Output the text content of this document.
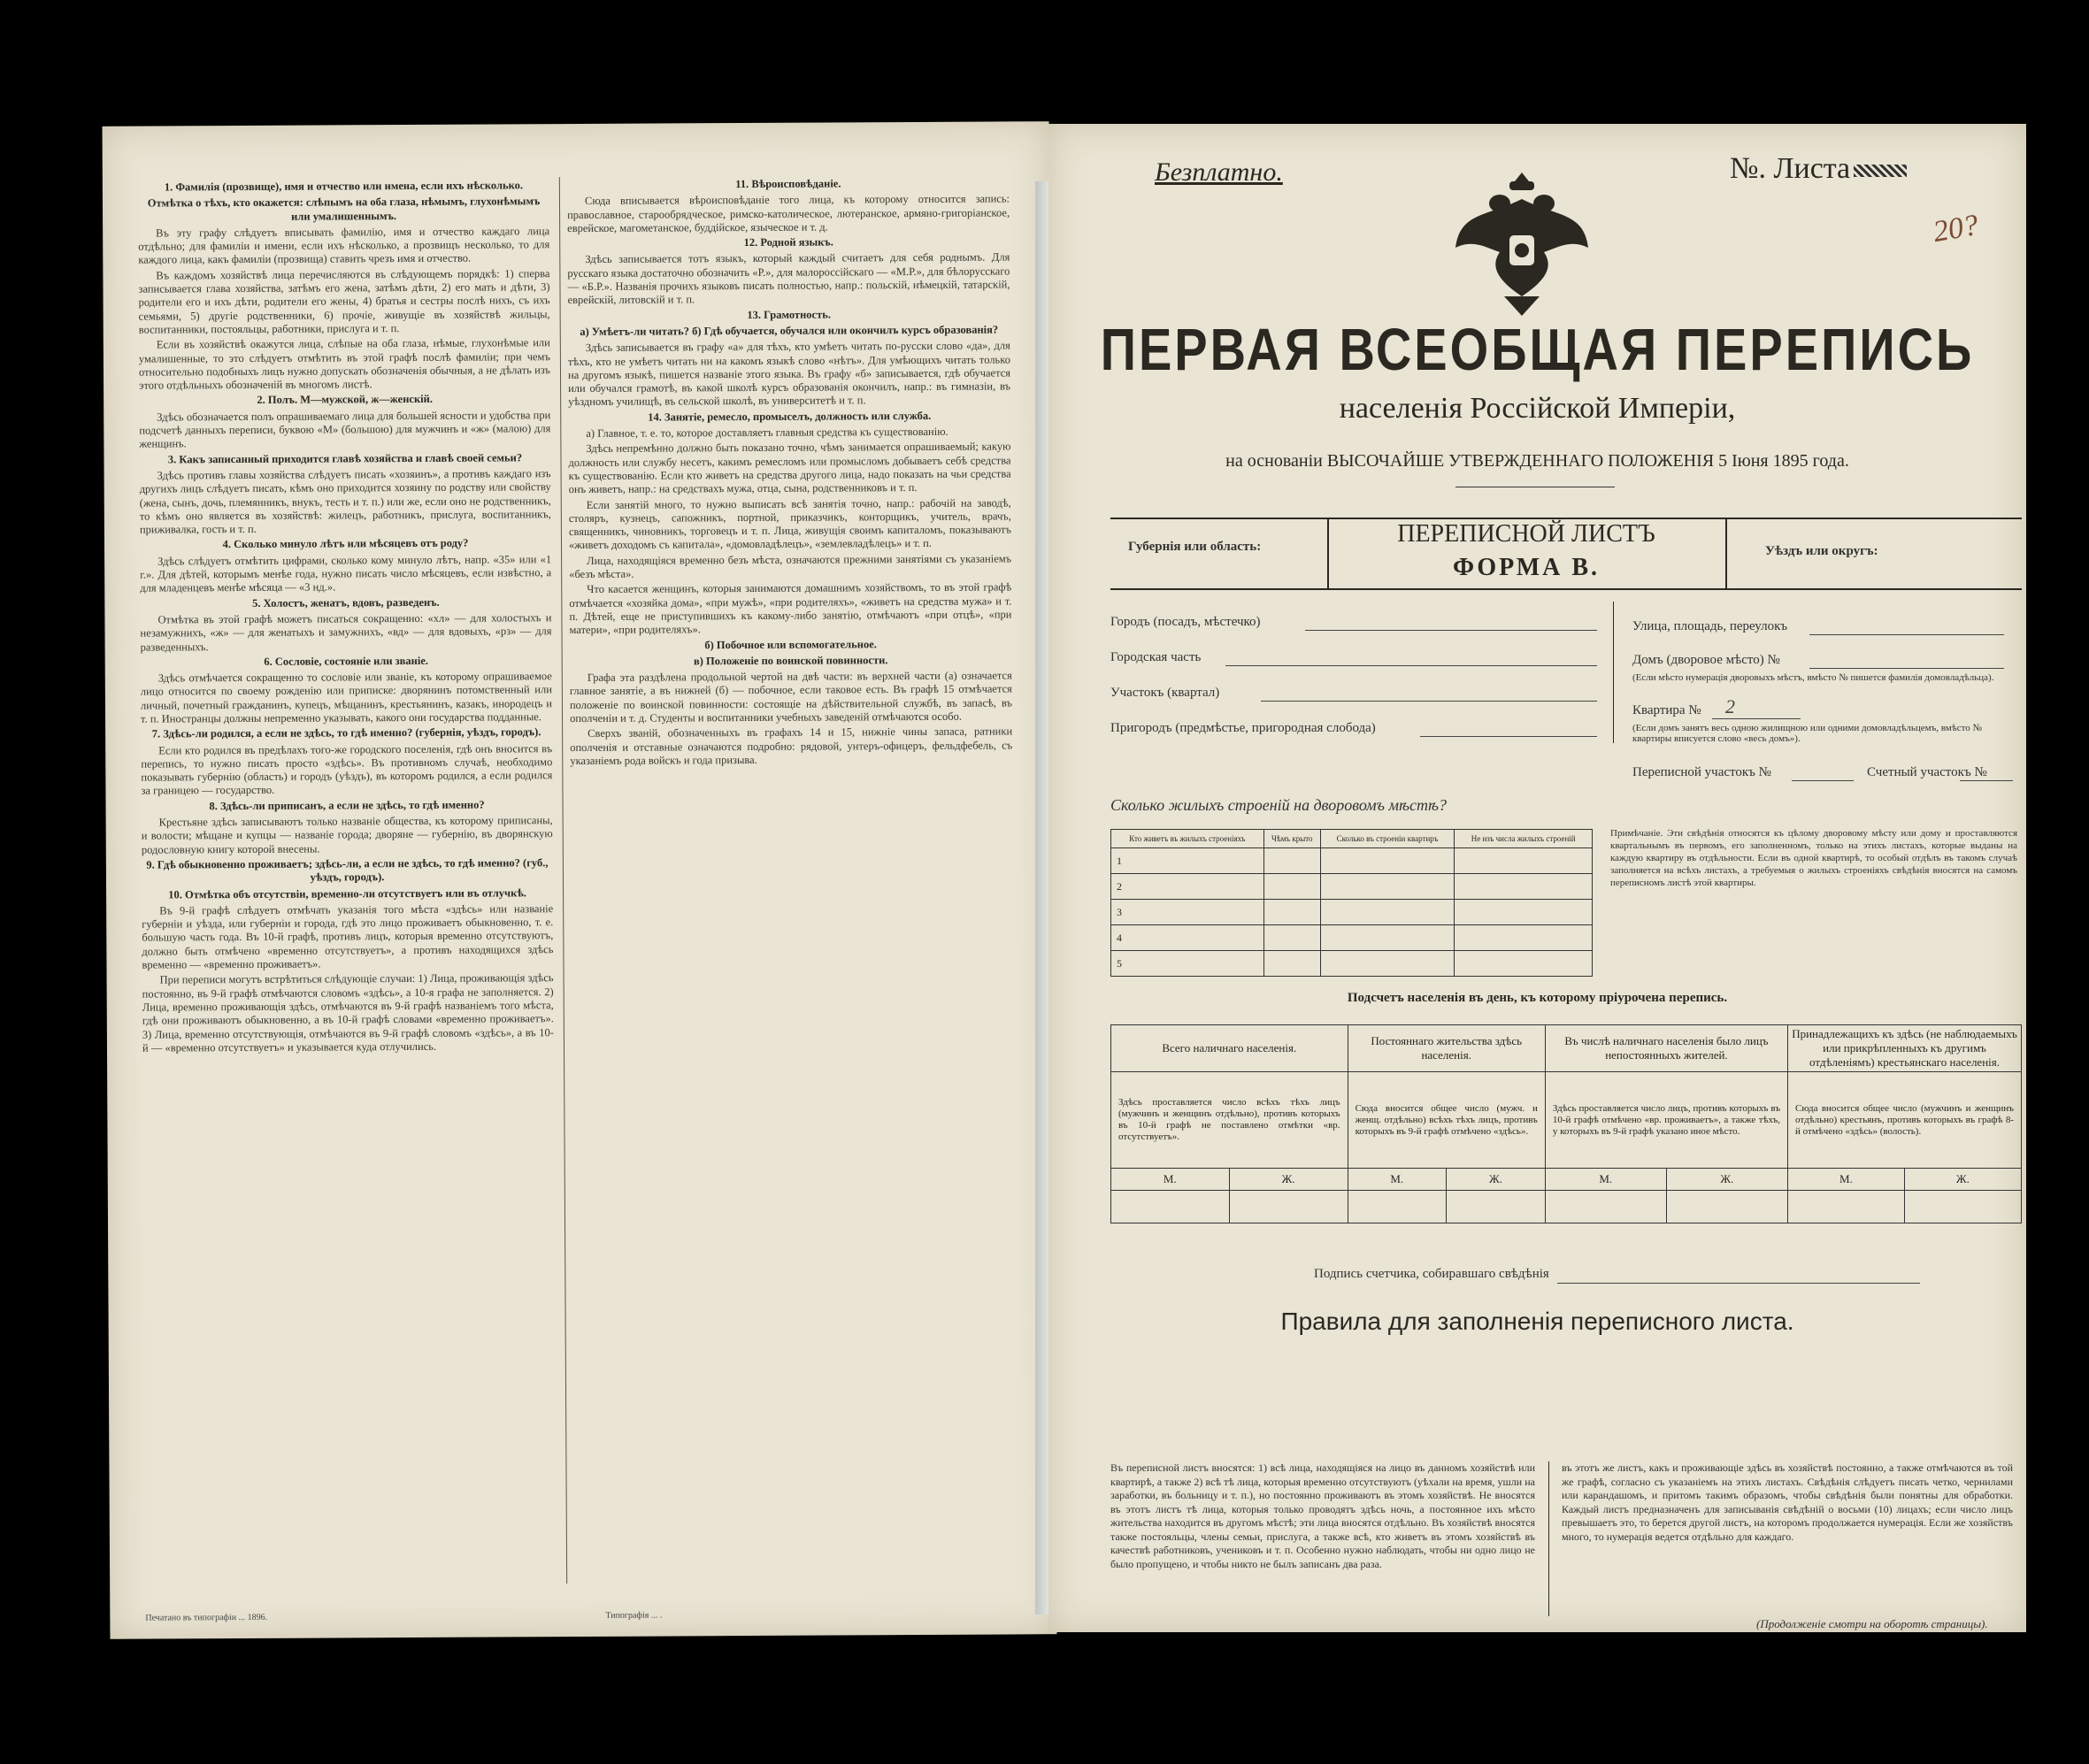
1. Фамилія (прозвище), имя и отчество или имена, если ихъ нѣсколько.
Отмѣтка о тѣхъ, кто окажется: слѣпымъ на оба глаза, нѣмымъ, глухонѣмымъ или умалишеннымъ.
Въ эту графу слѣдуетъ вписывать фамилію, имя и отчество каждаго лица отдѣльно; для фамиліи и имени, если ихъ нѣсколько, а прозвищъ несколько, то для каждого лица, какъ фамиліи (прозвища) ставить чрезъ имя и отчество.
Въ каждомъ хозяйствѣ лица перечисляются въ слѣдующемъ порядкѣ: 1) сперва записывается глава хозяйства, затѣмъ его жена, затѣмъ дѣти, 2) его мать и дѣти, 3) родители его и ихъ дѣти, родители его жены, 4) братья и сестры послѣ нихъ, съ ихъ семьями, 5) другіе родственники, 6) прочіе, живущіе въ хозяйствѣ жильцы, воспитанники, постояльцы, работники, прислуга и т. п.
Если въ хозяйствѣ окажутся лица, слѣпые на оба глаза, нѣмые, глухонѣмые или умалишенные, то это слѣдуетъ отмѣтить въ этой графѣ послѣ фамиліи; при чемъ относительно подобныхъ лицъ нужно допускать обозначенія обычныя, а не дѣлать изъ этого отдѣльныхъ обозначеній въ многомъ листѣ.
2. Полъ. М—мужской, ж—женскій.
Здѣсь обозначается полъ опрашиваемаго лица для большей ясности и удобства при подсчетѣ данныхъ переписи, буквою «М» (большою) для мужчинъ и «ж» (малою) для женщинъ.
3. Какъ записанный приходится главѣ хозяйства и главѣ своей семьи?
Здѣсь противъ главы хозяйства слѣдуетъ писать «хозяинъ», а противъ каждаго изъ другихъ лицъ слѣдуетъ писать, кѣмъ оно приходится хозяину по родству или свойству (жена, сынъ, дочь, племянникъ, внукъ, тесть и т. п.) или же, если оно не родственникъ, то кѣмъ оно является въ хозяйствѣ: жилецъ, работникъ, прислуга, воспитанникъ, приживалка, гость и т. п.
4. Сколько минуло лѣтъ или мѣсяцевъ отъ роду?
Здѣсь слѣдуетъ отмѣтить цифрами, сколько кому минуло лѣтъ, напр. «35» или «1 г.». Для дѣтей, которымъ менѣе года, нужно писать число мѣсяцевъ, если извѣстно, а для младенцевъ менѣе мѣсяца — «3 нд.».
5. Холостъ, женатъ, вдовъ, разведенъ.
Отмѣтка въ этой графѣ можетъ писаться сокращенно: «хл» — для холостыхъ и незамужнихъ, «ж» — для женатыхъ и замужнихъ, «вд» — для вдовыхъ, «рз» — для разведенныхъ.
6. Сословіе, состояніе или званіе.
Здѣсь отмѣчается сокращенно то сословіе или званіе, къ которому опрашиваемое лицо относится по своему рожденію или приписке: дворянинъ потомственный или личный, почетный гражданинъ, купецъ, мѣщанинъ, крестьянинъ, казакъ, инородецъ и т. п. Иностранцы должны непременно указывать, какого они государства подданные.
7. Здѣсь-ли родился, а если не здѣсь, то гдѣ именно? (губернія, уѣздъ, городъ).
Если кто родился въ предѣлахъ того-же городского поселенія, гдѣ онъ вносится въ перепись, то нужно писать просто «здѣсь». Въ противномъ случаѣ, необходимо показывать губернію (область) и городъ (уѣздъ), въ которомъ родился, а если родился за границею — государство.
8. Здѣсь-ли приписанъ, а если не здѣсь, то гдѣ именно?
Крестьяне здѣсь записываютъ только названіе общества, къ которому приписаны, и волости; мѣщане и купцы — названіе города; дворяне — губернію, въ дворянскую родословную книгу которой внесены.
9. Гдѣ обыкновенно проживаетъ; здѣсь-ли, а если не здѣсь, то гдѣ именно? (губ., уѣздъ, городъ).
10. Отмѣтка объ отсутствіи, временно-ли отсутствуетъ или въ отлучкѣ.
Въ 9-й графѣ слѣдуетъ отмѣчать указанія того мѣста «здѣсь» или названіе губерніи и уѣзда, или губерніи и города, гдѣ это лицо проживаетъ обыкновенно, т. е. большую часть года. Въ 10-й графѣ, противъ лицъ, которыя временно отсутствуютъ, должно быть отмѣчено «временно отсутствуетъ», а противъ находящихся здѣсь временно — «временно проживаетъ».
При переписи могутъ встрѣтиться слѣдующіе случаи: 1) Лица, проживающія здѣсь постоянно, въ 9-й графѣ отмѣчаются словомъ «здѣсь», а 10-я графа не заполняется. 2) Лица, временно проживающія здѣсь, отмѣчаются въ 9-й графѣ названіемъ того мѣста, гдѣ они проживаютъ обыкновенно, а въ 10-й графѣ словами «временно проживаетъ». 3) Лица, временно отсутствующія, отмѣчаются въ 9-й графѣ словомъ «здѣсь», а въ 10-й — «временно отсутствуетъ» и указывается куда отлучились.
11. Вѣроисповѣданіе.
Сюда вписывается вѣроисповѣданіе того лица, къ которому относится запись: православное, старообрядческое, римско-католическое, лютеранское, армяно-григоріанское, еврейское, магометанское, буддійское, языческое и т. д.
12. Родной языкъ.
Здѣсь записывается тотъ языкъ, который каждый считаетъ для себя роднымъ. Для русскаго языка достаточно обозначить «Р.», для малороссійскаго — «М.Р.», для бѣлорусскаго — «Б.Р.». Названія прочихъ языковъ писать полностью, напр.: польскій, нѣмецкій, татарскій, еврейскій, литовскій и т. п.
13. Грамотность.
а) Умѣетъ-ли читать? б) Гдѣ обучается, обучался или окончилъ курсъ образованія?
Здѣсь записывается въ графу «а» для тѣхъ, кто умѣетъ читать по-русски слово «да», для тѣхъ, кто не умѣетъ читать ни на какомъ языкѣ слово «нѣтъ». Для умѣющихъ читать только на другомъ языкѣ, пишется названіе этого языка. Въ графу «б» записывается, гдѣ обучается или обучался грамотѣ, въ какой школѣ курсъ образованія окончилъ, напр.: въ гимназіи, въ уѣздномъ училищѣ, въ сельской школѣ, въ университетѣ и т. п.
14. Занятіе, ремесло, промыселъ, должность или служба.
а) Главное, т. е. то, которое доставляетъ главныя средства къ существованію.
Здѣсь непремѣнно должно быть показано точно, чѣмъ занимается опрашиваемый; какую должность или службу несетъ, какимъ ремесломъ или промысломъ добываетъ себѣ средства къ существованію. Если кто живетъ на средства другого лица, надо показать на чьи средства онъ живетъ, напр.: на средствахъ мужа, отца, сына, родственниковъ и т. п.
Если занятій много, то нужно выписать всѣ занятія точно, напр.: рабочій на заводѣ, столяръ, кузнецъ, сапожникъ, портной, приказчикъ, конторщикъ, учитель, врачъ, священникъ, чиновникъ, торговецъ и т. п. Лица, живущія своимъ капиталомъ, показываютъ «живетъ доходомъ съ капитала», «домовладѣлецъ», «землевладѣлецъ» и т. п.
Лица, находящіяся временно безъ мѣста, означаются прежними занятіями съ указаніемъ «безъ мѣста».
Что касается женщинъ, которыя занимаются домашнимъ хозяйствомъ, то въ этой графѣ отмѣчается «хозяйка дома», «при мужѣ», «при родителяхъ», «живетъ на средства мужа» и т. п. Дѣтей, еще не приступившихъ къ какому-либо занятію, отмѣчаютъ «при отцѣ», «при матери», «при родителяхъ».
б) Побочное или вспомогательное.
в) Положеніе по воинской повинности.
Графа эта раздѣлена продольной чертой на двѣ части: въ верхней части (а) означается главное занятіе, а въ нижней (б) — побочное, если таковое есть. Въ графѣ 15 отмѣчается положеніе по воинской повинности: состоящіе на дѣйствительной службѣ, въ запасѣ, въ ополченіи и т. д. Студенты и воспитанники учебныхъ заведеній отмѣчаются особо.
Сверхъ званій, обозначенныхъ въ графахъ 14 и 15, нижніе чины запаса, ратники ополченія и отставные означаются подробно: рядовой, унтеръ-офицеръ, фельдфебель, съ указаніемъ рода войскъ и года призыва.
Печатано въ типографіи ... 1896.	Типографія ... .
Безплатно.	№. Листа
20?
ПЕРВАЯ ВСЕОБЩАЯ ПЕРЕПИСЬ
населенія Россійской Имперіи,
на основаніи ВЫСОЧАЙШЕ УТВЕРЖДЕННАГО ПОЛОЖЕНІЯ 5 Іюня 1895 года.
Губернія или область:	ПЕРЕПИСНОЙ ЛИСТЪ
ФОРМА В.
Уѣздъ или округъ:
Городъ (посадъ, мѣстечко)
Городская часть
Участокъ (квартал)
Пригородъ (предмѣстье, пригородная слобода)
Улица, площадь, переулокъ
Домъ (дворовое мѣсто) №
(Если мѣсто нумерація дворовыхъ мѣстъ, вмѣсто № пишется фамилія домовладѣльца).
Квартира № 2
(Если домъ занятъ весь одною жилищною или одними домовладѣльцемъ, вмѣсто № квартиры вписуется слово «весь домъ»).
Переписной участокъ №	Счетный участокъ №
Сколько жилыхъ строеній на дворовомъ мѣстѣ?
Кто живетъ въ жилыхъ строеніяхъ	Чѣмъ крыто	Сколько въ строеніи квартиръ	Не изъ числа жилыхъ строеній
1			
2			
3			
4			
5			
Примѣчаніе. Эти свѣдѣнія относятся къ цѣлому дворовому мѣсту или дому и проставляются квартальнымъ въ первомъ, его заполненномъ, только на этихъ листахъ, которые выданы на каждую квартиру въ отдѣльности. Если въ одной квартирѣ, то особый отдѣлъ въ такомъ случаѣ заполняется на всѣхъ листахъ, а требуемыя о жилыхъ строеніяхъ свѣдѣнія вносятся на самомъ переписномъ листѣ этой квартиры.
Подсчетъ населенія въ день, къ которому пріурочена перепись.
Всего наличнаго населенія.		Постояннаго жительства здѣсь населенія.		Въ числѣ наличнаго населенія было лицъ непостоянныхъ жителей.		Принадлежащихъ къ здѣсь (не наблюдаемыхъ или прикрѣпленныхъ къ другимъ отдѣленіямъ) крестьянскаго населенія.	
Здѣсь проставляется число всѣхъ тѣхъ лицъ (мужчинъ и женщинъ отдѣльно), противъ которыхъ въ 10-й графѣ не поставлено отмѣтки «вр. отсутствуетъ».		Сюда вносится общее число (мужч. и женщ. отдѣльно) всѣхъ тѣхъ лицъ, противъ которыхъ въ 9-й графѣ отмѣчено «здѣсь».		Здѣсь проставляется число лицъ, противъ которыхъ въ 10-й графѣ отмѣчено «вр. проживаетъ», а также тѣхъ, у которыхъ въ 9-й графѣ указано иное мѣсто.		Сюда вносится общее число (мужчинъ и женщинъ отдѣльно) крестьянъ, противъ которыхъ въ графѣ 8-й отмѣчено «здѣсь» (волость).	
М.	Ж.	М.	Ж.	М.	Ж.	М.	Ж.

Подпись счетчика, собиравшаго свѣдѣнія
Правила для заполненія переписного листа.
Въ переписной листъ вносятся: 1) всѣ лица, находящіяся на лицо въ данномъ хозяйствѣ или квартирѣ, а также 2) всѣ тѣ лица, которыя временно отсутствуютъ (уѣхали на время, ушли на заработки, въ больницу и т. п.), но постоянно проживаютъ въ этомъ хозяйствѣ. Не вносятся въ этотъ листъ тѣ лица, которыя только проводятъ здѣсь ночь, а постоянное ихъ мѣсто жительства находится въ другомъ мѣстѣ; эти лица вносятся отдѣльно. Въ хозяйствѣ вносятся также постояльцы, члены семьи, прислуга, а также всѣ, кто живетъ въ этомъ хозяйствѣ въ качествѣ работниковъ, учениковъ и т. п. Особенно нужно наблюдать, чтобы ни одно лицо не было пропущено, и чтобы никто не былъ записанъ два раза.
въ этотъ же листъ, какъ и проживающіе здѣсь въ хозяйствѣ постоянно, а также отмѣчаются въ той же графѣ, согласно съ указаніемъ на этихъ листахъ. Свѣдѣнія слѣдуетъ писать четко, чернилами или карандашомъ, и притомъ такимъ образомъ, чтобы свѣдѣнія были понятны для обработки. Каждый листъ предназначенъ для записыванія свѣдѣній о восьми (10) лицахъ; если число лицъ превышаетъ это, то берется другой листъ, на которомъ продолжается нумерація. Если же хозяйствъ много, то нумерація ведется отдѣльно для каждаго.
(Продолженіе смотри на оборотѣ страницы).
